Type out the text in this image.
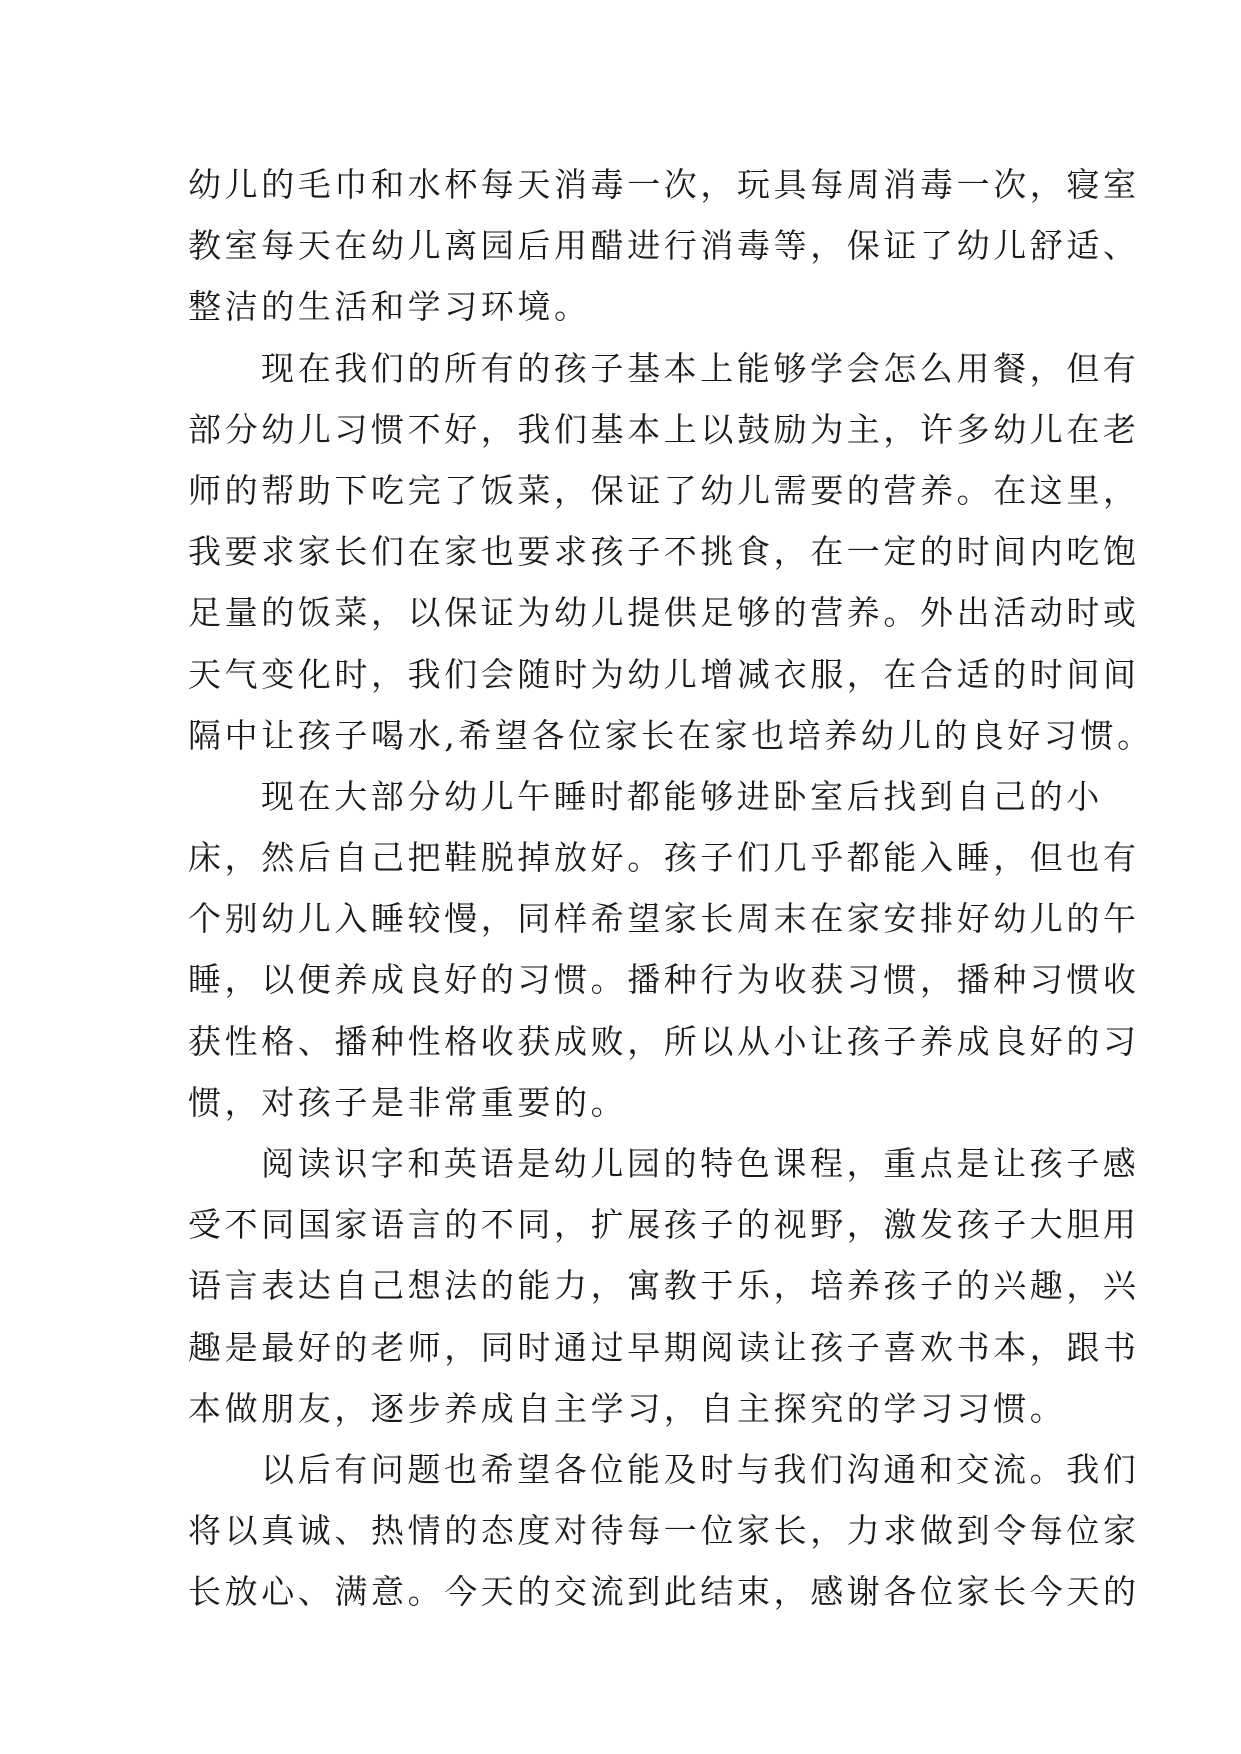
幼儿的毛巾和水杯每天消毒一次，玩具每周消毒一次，寝室
教室每天在幼儿离园后用醋进行消毒等，保证了幼儿舒适、
整洁的生活和学习环境。
现在我们的所有的孩子基本上能够学会怎么用餐，但有
部分幼儿习惯不好，我们基本上以鼓励为主，许多幼儿在老
师的帮助下吃完了饭菜，保证了幼儿需要的营养。在这里，
我要求家长们在家也要求孩子不挑食，在一定的时间内吃饱
足量的饭菜，以保证为幼儿提供足够的营养。外出活动时或
天气变化时，我们会随时为幼儿增减衣服，在合适的时间间
隔中让孩子喝水,希望各位家长在家也培养幼儿的良好习惯。
现在大部分幼儿午睡时都能够进卧室后找到自己的小
床，然后自己把鞋脱掉放好。孩子们几乎都能入睡，但也有
个别幼儿入睡较慢，同样希望家长周末在家安排好幼儿的午
睡，以便养成良好的习惯。播种行为收获习惯，播种习惯收
获性格、播种性格收获成败，所以从小让孩子养成良好的习
惯，对孩子是非常重要的。
阅读识字和英语是幼儿园的特色课程，重点是让孩子感
受不同国家语言的不同，扩展孩子的视野，激发孩子大胆用
语言表达自己想法的能力，寓教于乐，培养孩子的兴趣，兴
趣是最好的老师，同时通过早期阅读让孩子喜欢书本，跟书
本做朋友，逐步养成自主学习，自主探究的学习习惯。
以后有问题也希望各位能及时与我们沟通和交流。我们
将以真诚、热情的态度对待每一位家长，力求做到令每位家
长放心、满意。今天的交流到此结束，感谢各位家长今天的
